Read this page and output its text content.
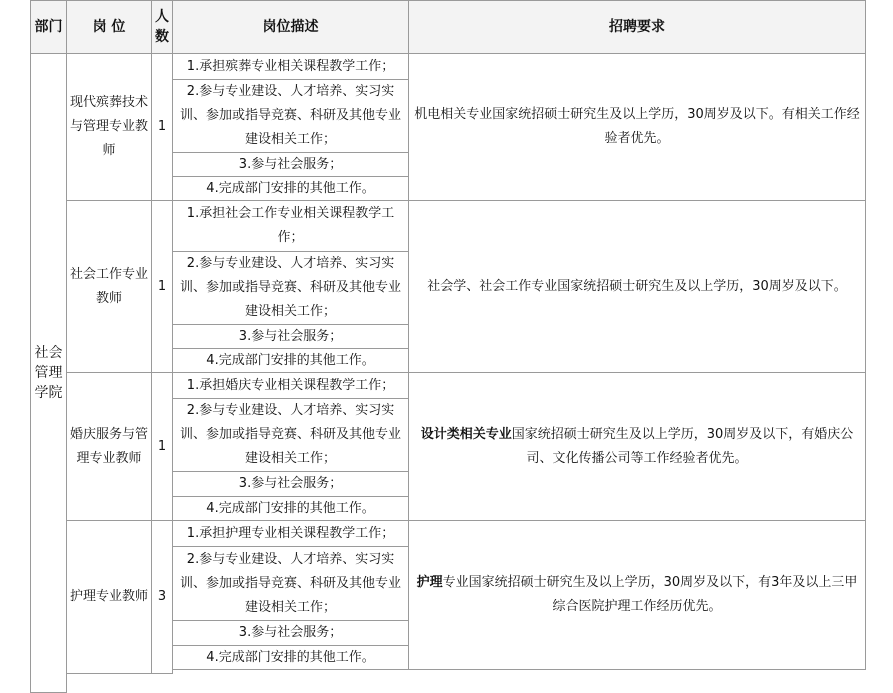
部门	岗 位
人数
岗位描述	招聘要求
社会管理学院
现代殡葬技术与管理专业教师
1
1.承担殡葬专业相关课程教学工作；
2.参与专业建设、人才培养、实习实训、参加或指导竞赛、科研及其他专业建设相关工作；
3.参与社会服务；
4.完成部门安排的其他工作。
机电相关专业国家统招硕士研究生及以上学历，30周岁及以下。有相关工作经验者优先。
社会工作专业教师
1
1.承担社会工作专业相关课程教学工作；
2.参与专业建设、人才培养、实习实训、参加或指导竞赛、科研及其他专业建设相关工作；
3.参与社会服务；
4.完成部门安排的其他工作。
社会学、社会工作专业国家统招硕士研究生及以上学历，30周岁及以下。
婚庆服务与管理专业教师
1
1.承担婚庆专业相关课程教学工作；
2.参与专业建设、人才培养、实习实训、参加或指导竞赛、科研及其他专业建设相关工作；
3.参与社会服务；
4.完成部门安排的其他工作。
设计类相关专业国家统招硕士研究生及以上学历，30周岁及以下，有婚庆公司、文化传播公司等工作经验者优先。
护理专业教师 3
1.承担护理专业相关课程教学工作；
2.参与专业建设、人才培养、实习实训、参加或指导竞赛、科研及其他专业建设相关工作；
3.参与社会服务；
4.完成部门安排的其他工作。
护理专业国家统招硕士研究生及以上学历，30周岁及以下，有3年及以上三甲综合医院护理工作经历优先。
